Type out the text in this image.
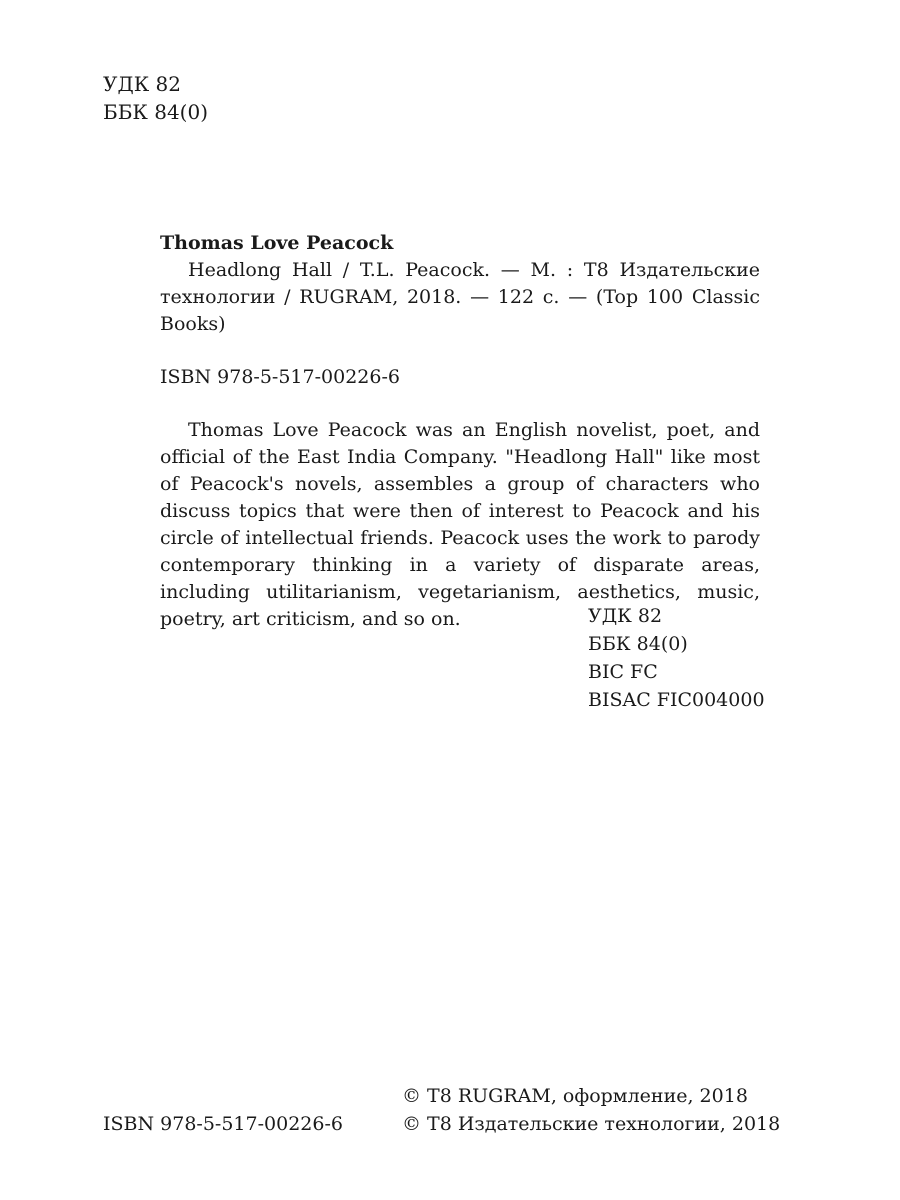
УДК 82
ББК 84(0)
Thomas Love Peacock
Headlong Hall / T.L. Peacock. — M. : T8 Издательские технологии / RUGRAM, 2018. — 122 с. — (Top 100 Classic Books)
ISBN 978-5-517-00226-6
Thomas Love Peacock was an English novelist, poet, and official of the East India Company. "Headlong Hall" like most of Peacock's novels, assembles a group of characters who discuss topics that were then of interest to Peacock and his circle of intellectual friends. Peacock uses the work to parody contemporary thinking in a variety of disparate areas, including utilitarianism, vegetarianism, aesthetics, music, poetry, art criticism, and so on.	УДК 82
ББК 84(0)
BIC FC
BISAC FIC004000
© T8 RUGRAM, оформление, 2018
© T8 Издательские технологии, 2018
ISBN 978-5-517-00226-6
